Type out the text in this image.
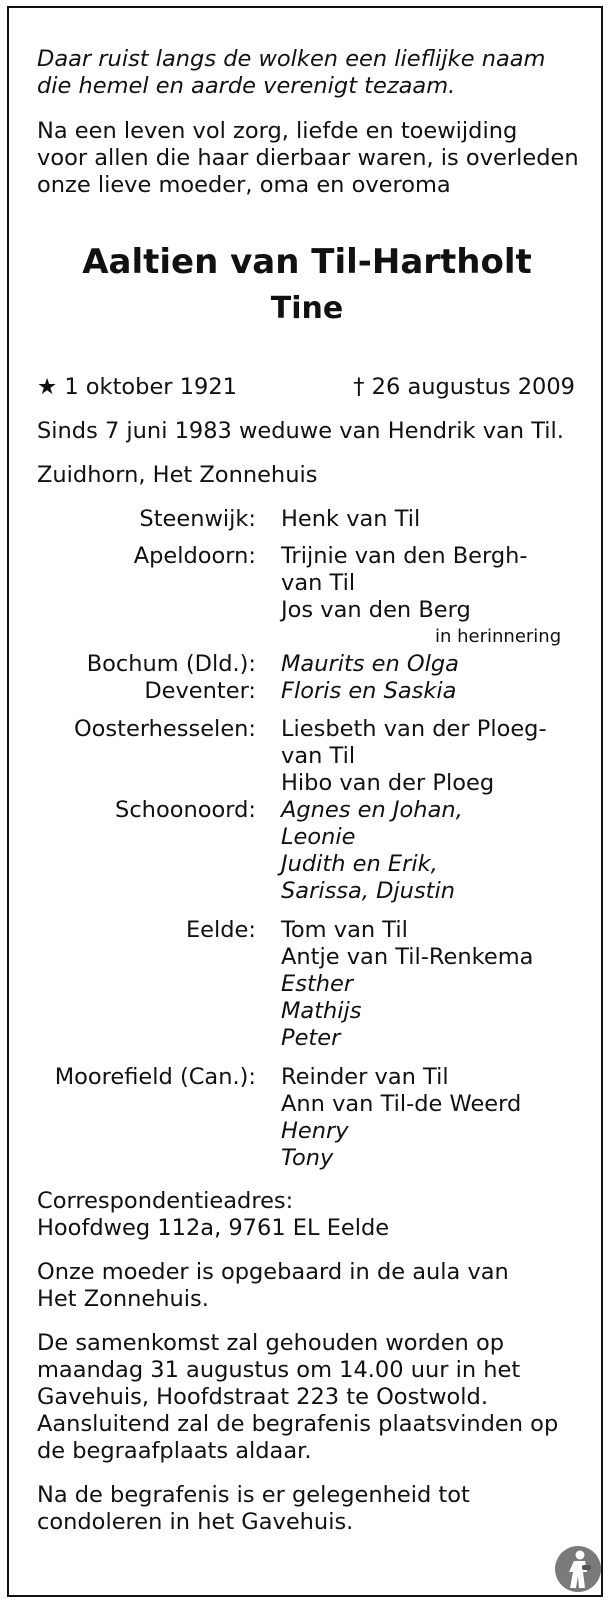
Daar ruist langs de wolken een lieflijke naam
die hemel en aarde verenigt tezaam.
Na een leven vol zorg, liefde en toewijding
voor allen die haar dierbaar waren, is overleden
onze lieve moeder, oma en overoma
Aaltien van Til-Hartholt
Tine
★ 1 oktober 1921	† 26 augustus 2009
Sinds 7 juni 1983 weduwe van Hendrik van Til.
Zuidhorn, Het Zonnehuis
Steenwijk: Henk van Til
Apeldoorn: Trijnie van den Bergh-
van Til
Jos van den Berg
in herinnering
Bochum (Dld.): Maurits en Olga
Deventer: Floris en Saskia
Oosterhesselen: Liesbeth van der Ploeg-
van Til
Hibo van der Ploeg
Schoonoord: Agnes en Johan,
Leonie
Judith en Erik,
Sarissa, Djustin
Eelde: Tom van Til
Antje van Til-Renkema
Esther
Mathijs
Peter
Moorefield (Can.): Reinder van Til
Ann van Til-de Weerd
Henry
Tony
Correspondentieadres:
Hoofdweg 112a, 9761 EL Eelde
Onze moeder is opgebaard in de aula van
Het Zonnehuis.
De samenkomst zal gehouden worden op
maandag 31 augustus om 14.00 uur in het
Gavehuis, Hoofdstraat 223 te Oostwold.
Aansluitend zal de begrafenis plaatsvinden op
de begraafplaats aldaar.
Na de begrafenis is er gelegenheid tot
condoleren in het Gavehuis.
